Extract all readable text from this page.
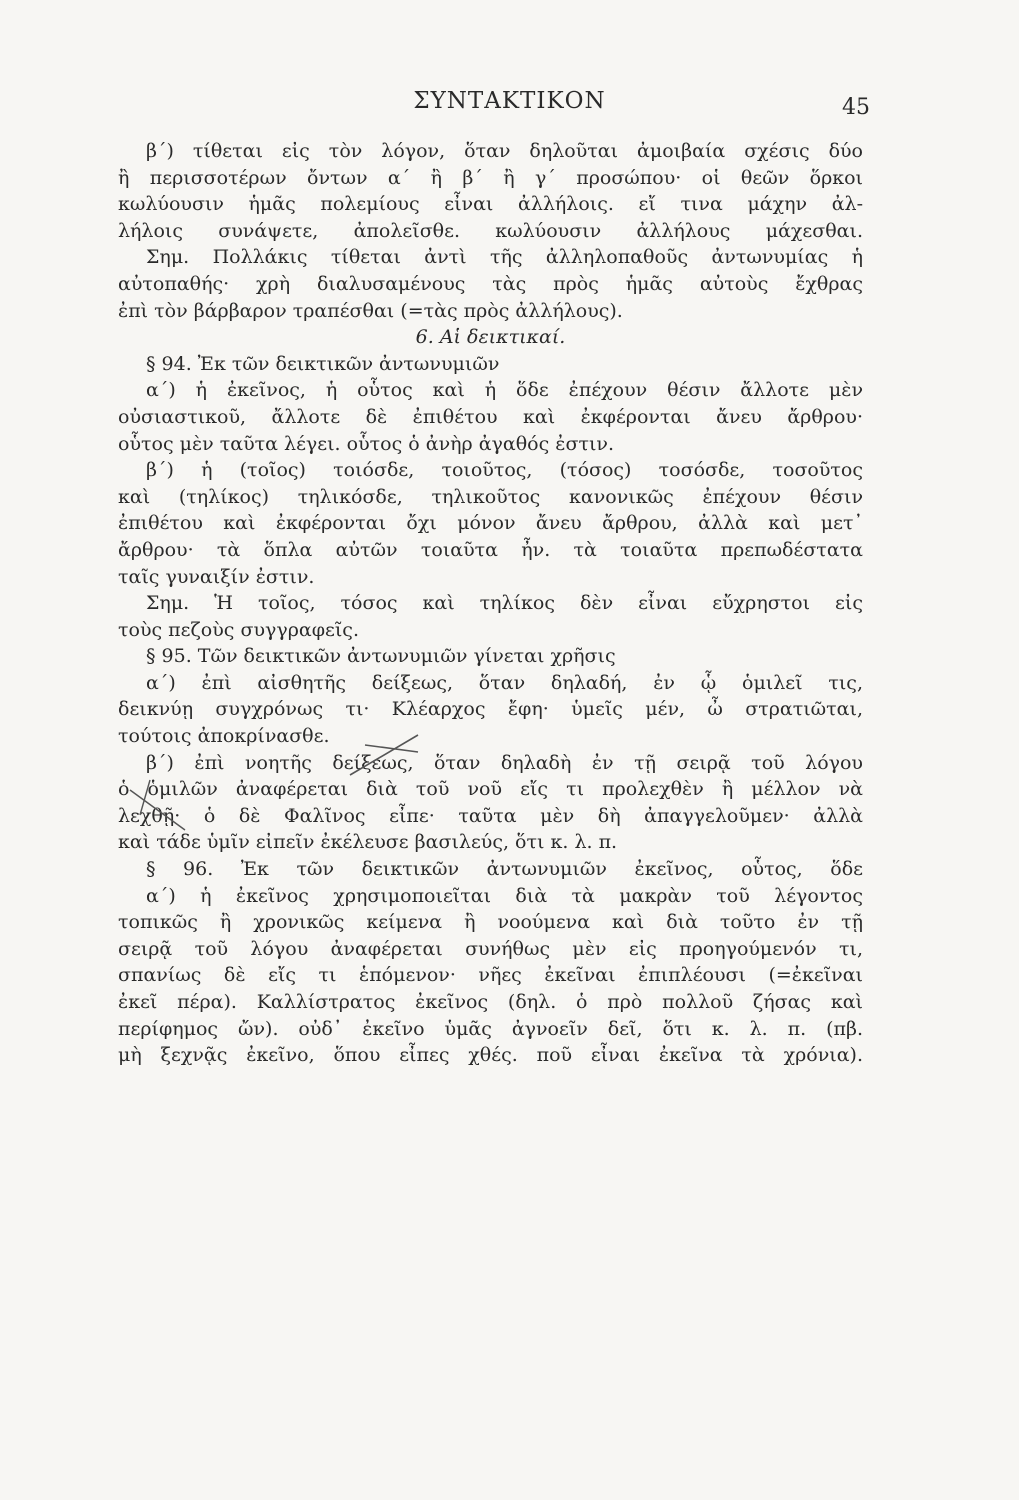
ΣΥΝΤΑΚΤΙΚΟΝ	45
β΄) τίθεται εἰς τὸν λόγον, ὅταν δηλοῦται ἀμοιβαία σχέσις δύο
ἢ περισσοτέρων ὄντων α΄ ἢ β΄ ἢ γ΄ προσώπου· οἱ θεῶν ὅρκοι
κωλύουσιν ἡμᾶς πολεμίους εἶναι ἀλλήλοις. εἴ τινα μάχην ἀλ-
λήλοις συνάψετε, ἀπολεῖσθε. κωλύουσιν ἀλλήλους μάχεσθαι.
Σημ. Πολλάκις τίθεται ἀντὶ τῆς ἀλληλοπαθοῦς ἀντωνυμίας ἡ
αὐτοπαθής· χρὴ διαλυσαμένους τὰς πρὸς ἡμᾶς αὐτοὺς ἔχθρας
ἐπὶ τὸν βάρβαρον τραπέσθαι (=τὰς πρὸς ἀλλήλους).
6. Αἱ δεικτικαί.
§ 94. Ἐκ τῶν δεικτικῶν ἀντωνυμιῶν
α΄) ἡ ἐκεῖνος, ἡ οὗτος καὶ ἡ ὅδε ἐπέχουν θέσιν ἄλλοτε μὲν
οὐσιαστικοῦ, ἄλλοτε δὲ ἐπιθέτου καὶ ἐκφέρονται ἄνευ ἄρθρου·
οὗτος μὲν ταῦτα λέγει. οὗτος ὁ ἀνὴρ ἀγαθός ἐστιν.
β΄) ἡ (τοῖος) τοιόσδε, τοιοῦτος, (τόσος) τοσόσδε, τοσοῦτος
καὶ (τηλίκος) τηλικόσδε, τηλικοῦτος κανονικῶς ἐπέχουν θέσιν
ἐπιθέτου καὶ ἐκφέρονται ὄχι μόνον ἄνευ ἄρθρου, ἀλλὰ καὶ μετ᾽
ἄρθρου· τὰ ὅπλα αὐτῶν τοιαῦτα ἦν. τὰ τοιαῦτα πρεπωδέστατα
ταῖς γυναιξίν ἐστιν.
Σημ. Ἡ τοῖος, τόσος καὶ τηλίκος δὲν εἶναι εὔχρηστοι εἰς
τοὺς πεζοὺς συγγραφεῖς.
§ 95. Τῶν δεικτικῶν ἀντωνυμιῶν γίνεται χρῆσις
α΄) ἐπὶ αἰσθητῆς δείξεως, ὅταν δηλαδή, ἐν ᾧ ὁμιλεῖ τις,
δεικνύῃ συγχρόνως τι· Κλέαρχος ἔφη· ὑμεῖς μέν, ὦ στρατιῶται,
τούτοις ἀποκρίνασθε.
β΄) ἐπὶ νοητῆς δείξεως, ὅταν δηλαδὴ ἐν τῇ σειρᾷ τοῦ λόγου
ὁ ὁμιλῶν ἀναφέρεται διὰ τοῦ νοῦ εἴς τι προλεχθὲν ἢ μέλλον νὰ
λεχθῇ· ὁ δὲ Φαλῖνος εἶπε· ταῦτα μὲν δὴ ἀπαγγελοῦμεν· ἀλλὰ
καὶ τάδε ὑμῖν εἰπεῖν ἐκέλευσε βασιλεύς, ὅτι κ. λ. π.
§ 96. Ἐκ τῶν δεικτικῶν ἀντωνυμιῶν ἐκεῖνος, οὗτος, ὅδε
α΄) ἡ ἐκεῖνος χρησιμοποιεῖται διὰ τὰ μακρὰν τοῦ λέγοντος
τοπικῶς ἢ χρονικῶς κείμενα ἢ νοούμενα καὶ διὰ τοῦτο ἐν τῇ
σειρᾷ τοῦ λόγου ἀναφέρεται συνήθως μὲν εἰς προηγούμενόν τι,
σπανίως δὲ εἴς τι ἑπόμενον· νῆες ἐκεῖναι ἐπιπλέουσι (=ἐκεῖναι
ἐκεῖ πέρα). Καλλίστρατος ἐκεῖνος (δηλ. ὁ πρὸ πολλοῦ ζήσας καὶ
περίφημος ὤν). οὐδ᾽ ἐκεῖνο ὑμᾶς ἀγνοεῖν δεῖ, ὅτι κ. λ. π. (πβ.
μὴ ξεχνᾷς ἐκεῖνο, ὅπου εἶπες χθές. ποῦ εἶναι ἐκεῖνα τὰ χρόνια).
